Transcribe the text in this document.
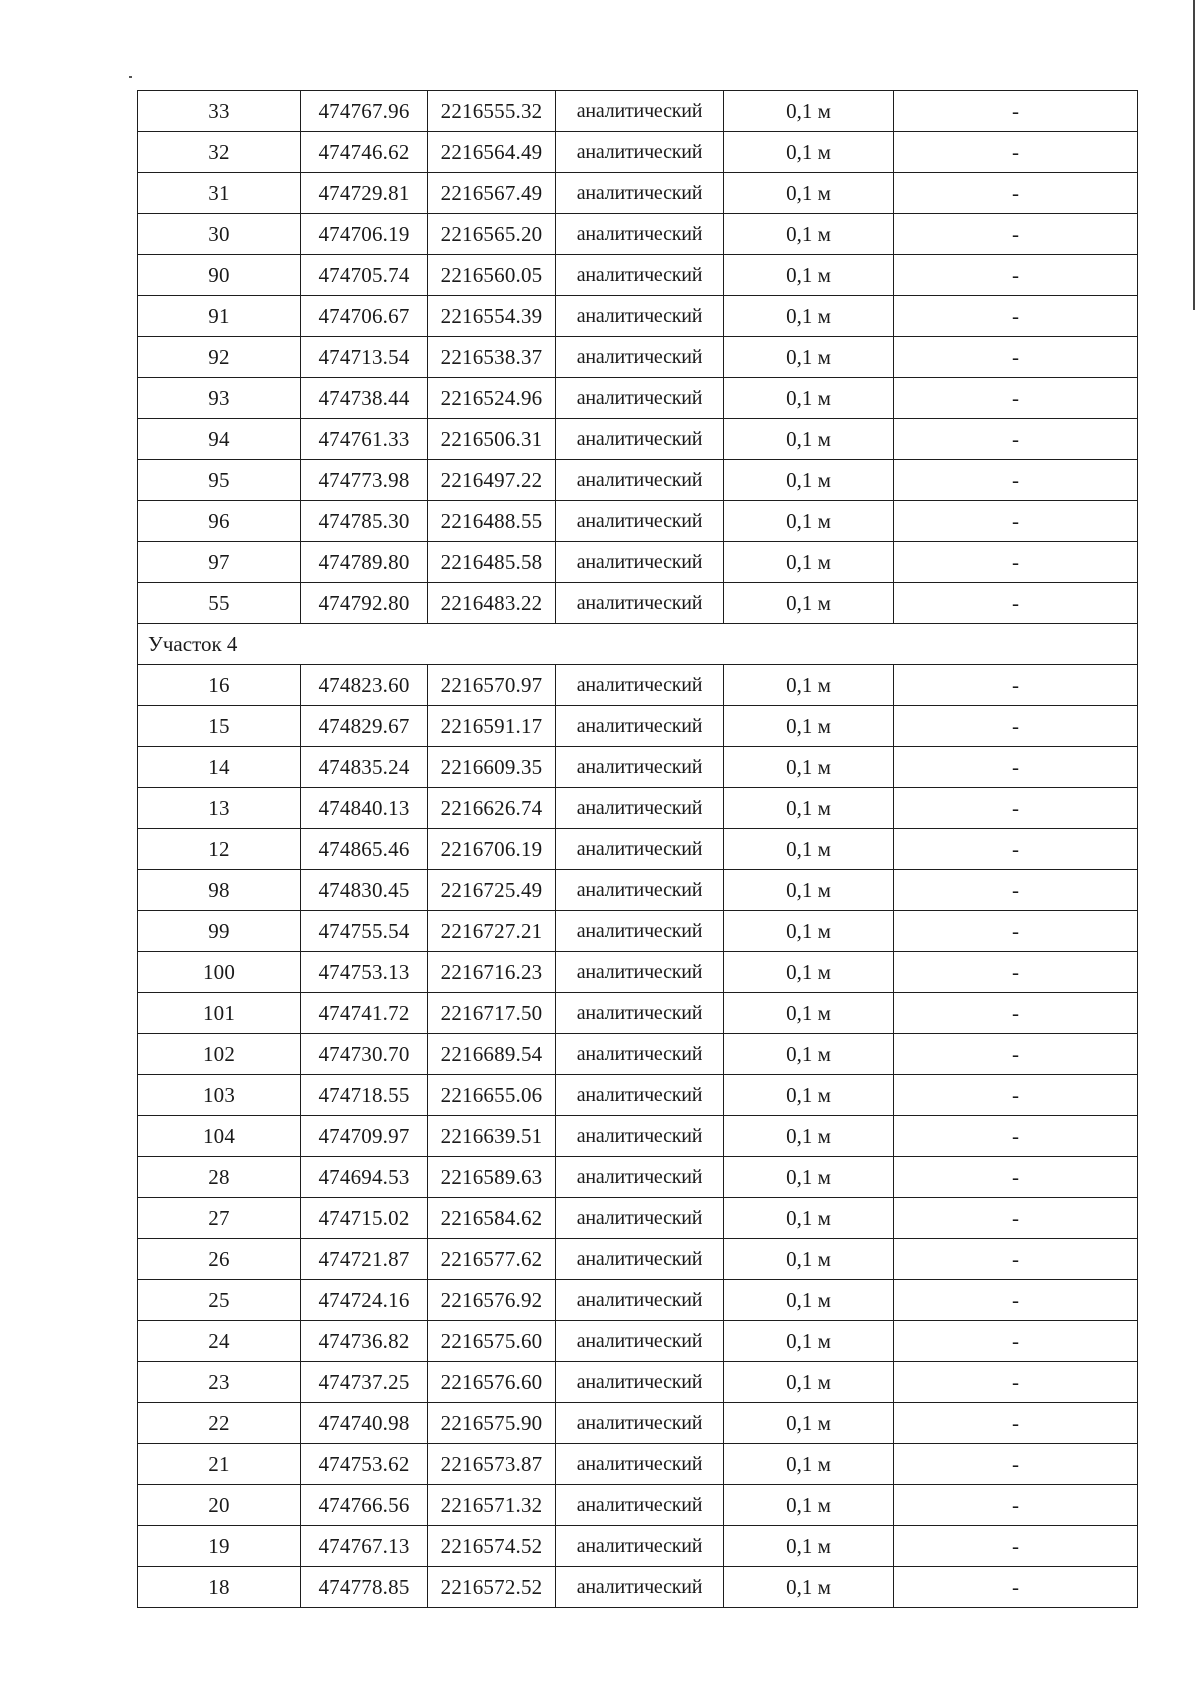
33	474767.96	2216555.32	аналитический	0,1 м	-
32	474746.62	2216564.49	аналитический	0,1 м	-
31	474729.81	2216567.49	аналитический	0,1 м	-
30	474706.19	2216565.20	аналитический	0,1 м	-
90	474705.74	2216560.05	аналитический	0,1 м	-
91	474706.67	2216554.39	аналитический	0,1 м	-
92	474713.54	2216538.37	аналитический	0,1 м	-
93	474738.44	2216524.96	аналитический	0,1 м	-
94	474761.33	2216506.31	аналитический	0,1 м	-
95	474773.98	2216497.22	аналитический	0,1 м	-
96	474785.30	2216488.55	аналитический	0,1 м	-
97	474789.80	2216485.58	аналитический	0,1 м	-
55	474792.80	2216483.22	аналитический	0,1 м	-
Участок 4					
16	474823.60	2216570.97	аналитический	0,1 м	-
15	474829.67	2216591.17	аналитический	0,1 м	-
14	474835.24	2216609.35	аналитический	0,1 м	-
13	474840.13	2216626.74	аналитический	0,1 м	-
12	474865.46	2216706.19	аналитический	0,1 м	-
98	474830.45	2216725.49	аналитический	0,1 м	-
99	474755.54	2216727.21	аналитический	0,1 м	-
100	474753.13	2216716.23	аналитический	0,1 м	-
101	474741.72	2216717.50	аналитический	0,1 м	-
102	474730.70	2216689.54	аналитический	0,1 м	-
103	474718.55	2216655.06	аналитический	0,1 м	-
104	474709.97	2216639.51	аналитический	0,1 м	-
28	474694.53	2216589.63	аналитический	0,1 м	-
27	474715.02	2216584.62	аналитический	0,1 м	-
26	474721.87	2216577.62	аналитический	0,1 м	-
25	474724.16	2216576.92	аналитический	0,1 м	-
24	474736.82	2216575.60	аналитический	0,1 м	-
23	474737.25	2216576.60	аналитический	0,1 м	-
22	474740.98	2216575.90	аналитический	0,1 м	-
21	474753.62	2216573.87	аналитический	0,1 м	-
20	474766.56	2216571.32	аналитический	0,1 м	-
19	474767.13	2216574.52	аналитический	0,1 м	-
18	474778.85	2216572.52	аналитический	0,1 м	-
